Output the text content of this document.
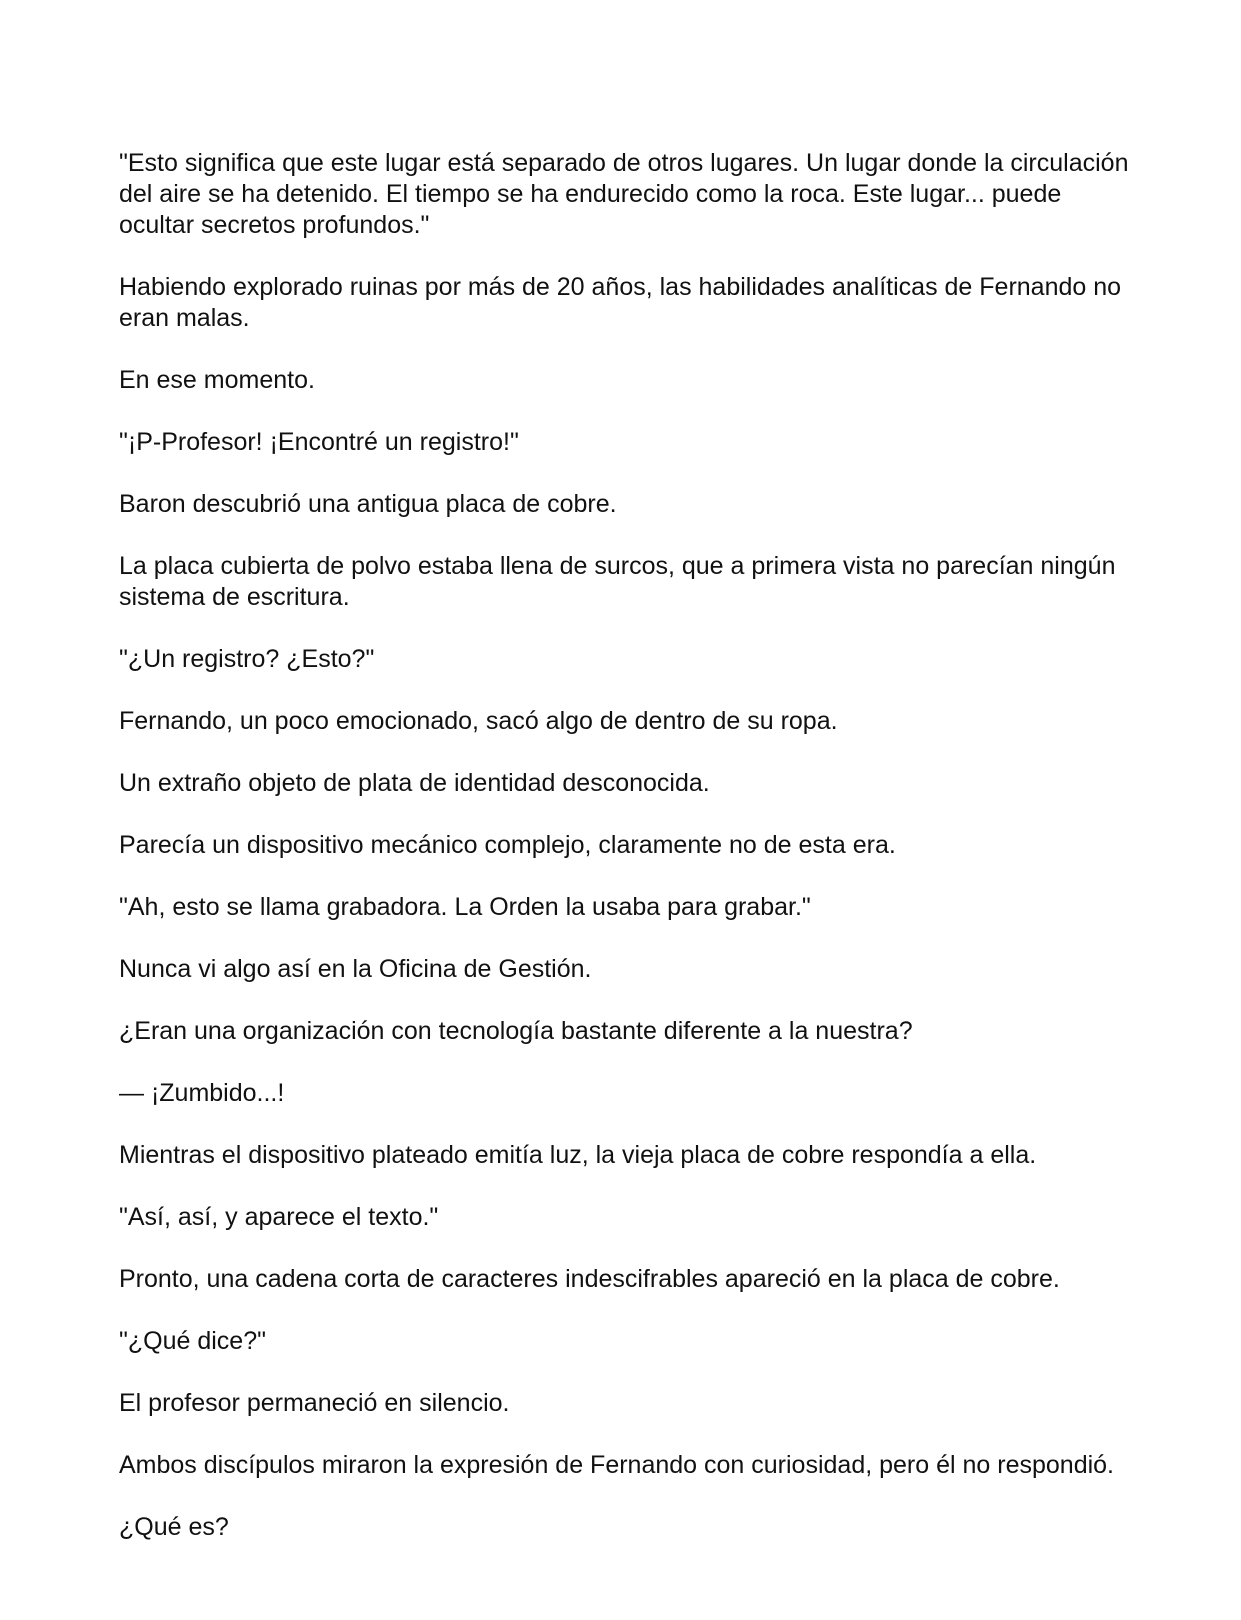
"Esto significa que este lugar está separado de otros lugares. Un lugar donde la circulación del aire se ha detenido. El tiempo se ha endurecido como la roca. Este lugar... puede ocultar secretos profundos."

Habiendo explorado ruinas por más de 20 años, las habilidades analíticas de Fernando no eran malas.

En ese momento.

"¡P-Profesor! ¡Encontré un registro!"

Baron descubrió una antigua placa de cobre.

La placa cubierta de polvo estaba llena de surcos, que a primera vista no parecían ningún sistema de escritura.

"¿Un registro? ¿Esto?"

Fernando, un poco emocionado, sacó algo de dentro de su ropa.

Un extraño objeto de plata de identidad desconocida.

Parecía un dispositivo mecánico complejo, claramente no de esta era.

"Ah, esto se llama grabadora. La Orden la usaba para grabar."

Nunca vi algo así en la Oficina de Gestión.

¿Eran una organización con tecnología bastante diferente a la nuestra?

— ¡Zumbido...!

Mientras el dispositivo plateado emitía luz, la vieja placa de cobre respondía a ella.

"Así, así, y aparece el texto."

Pronto, una cadena corta de caracteres indescifrables apareció en la placa de cobre.

"¿Qué dice?"

El profesor permaneció en silencio.

Ambos discípulos miraron la expresión de Fernando con curiosidad, pero él no respondió.

¿Qué es?
